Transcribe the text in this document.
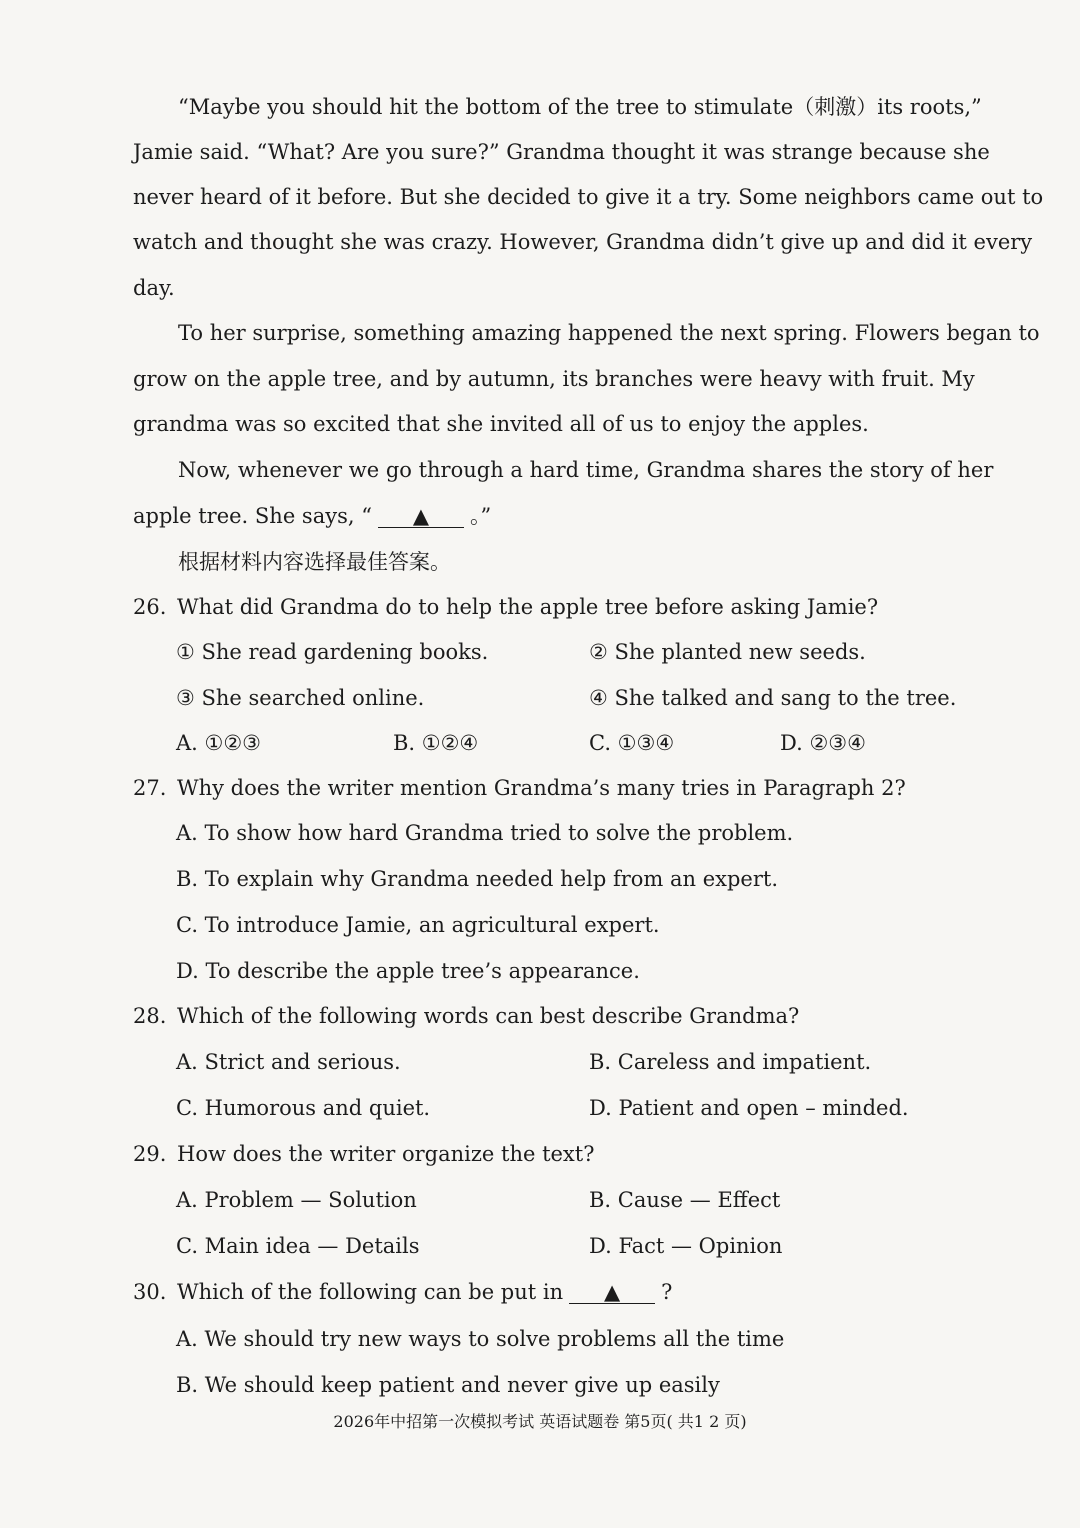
“Maybe you should hit the bottom of the tree to stimulate（刺激）its roots,”
Jamie said. “What? Are you sure?” Grandma thought it was strange because she
never heard of it before. But she decided to give it a try. Some neighbors came out to
watch and thought she was crazy. However, Grandma didn’t give up and did it every
day.
To her surprise, something amazing happened the next spring. Flowers began to
grow on the apple tree, and by autumn, its branches were heavy with fruit. My
grandma was so excited that she invited all of us to enjoy the apples.
Now, whenever we go through a hard time, Grandma shares the story of her
apple tree. She says, “ ▲ 。”
根据材料内容选择最佳答案。
26. What did Grandma do to help the apple tree before asking Jamie?
① She read gardening books.	② She planted new seeds.
③ She searched online.	④ She talked and sang to the tree.
A. ①②③	B. ①②④	C. ①③④	D. ②③④
27. Why does the writer mention Grandma’s many tries in Paragraph 2?
A. To show how hard Grandma tried to solve the problem.
B. To explain why Grandma needed help from an expert.
C. To introduce Jamie, an agricultural expert.
D. To describe the apple tree’s appearance.
28. Which of the following words can best describe Grandma?
A. Strict and serious.	B. Careless and impatient.
C. Humorous and quiet.	D. Patient and open – minded.
29. How does the writer organize the text?
A. Problem — Solution	B. Cause — Effect
C. Main idea — Details	D. Fact — Opinion
30. Which of the following can be put in ▲ ?
A. We should try new ways to solve problems all the time
B. We should keep patient and never give up easily
2026年中招第一次模拟考试 英语试题卷 第5页( 共1 2 页)
